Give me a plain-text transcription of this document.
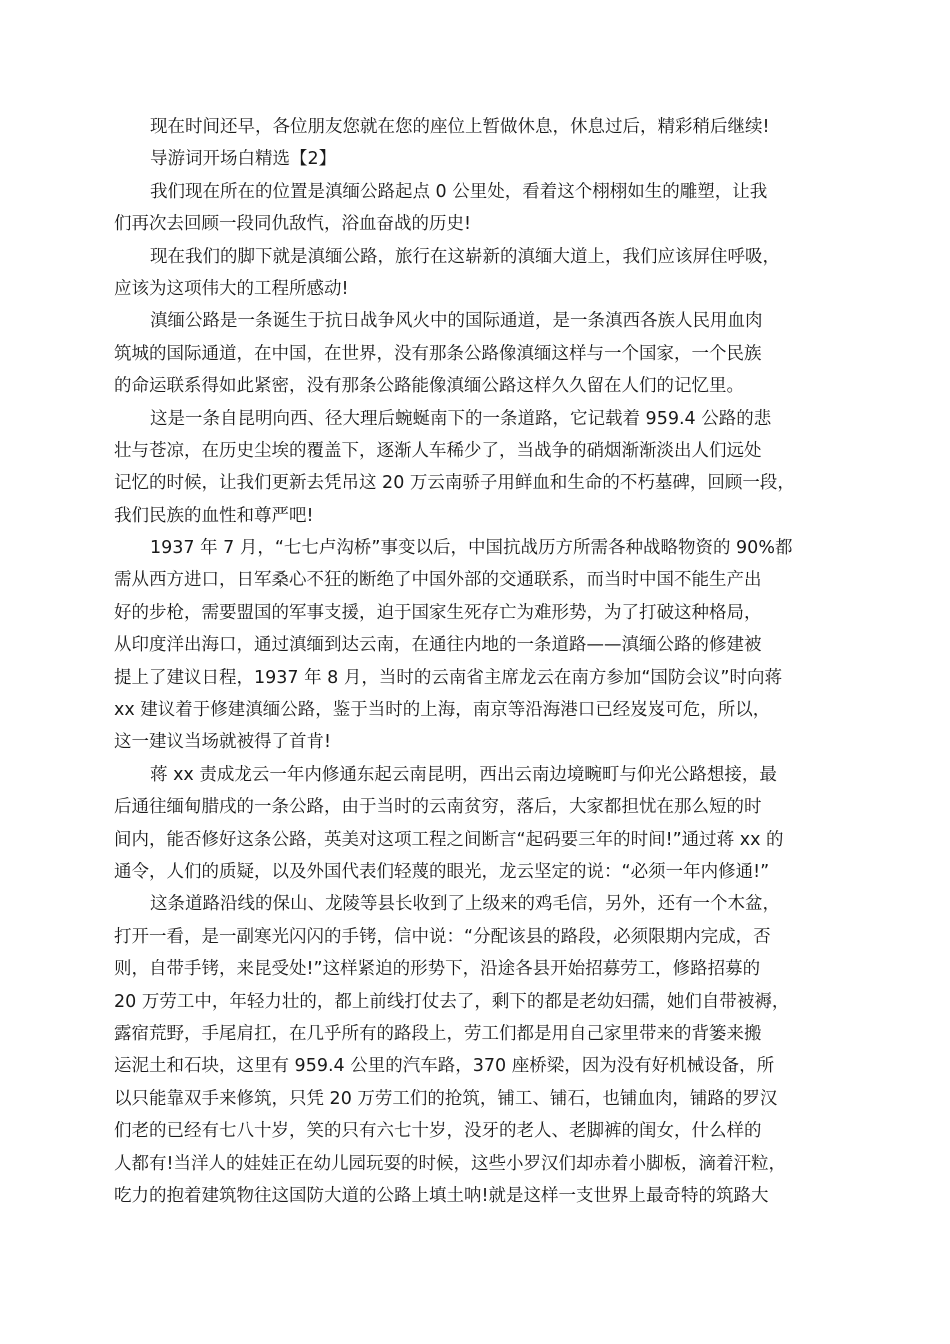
现在时间还早，各位朋友您就在您的座位上暂做休息，休息过后，精彩稍后继续!
导游词开场白精选【2】
我们现在所在的位置是滇缅公路起点 0 公里处，看着这个栩栩如生的雕塑，让我
们再次去回顾一段同仇敌忾，浴血奋战的历史!
现在我们的脚下就是滇缅公路，旅行在这崭新的滇缅大道上，我们应该屏住呼吸，
应该为这项伟大的工程所感动!
滇缅公路是一条诞生于抗日战争风火中的国际通道，是一条滇西各族人民用血肉
筑城的国际通道，在中国，在世界，没有那条公路像滇缅这样与一个国家，一个民族
的命运联系得如此紧密，没有那条公路能像滇缅公路这样久久留在人们的记忆里。
这是一条自昆明向西、径大理后蜿蜒南下的一条道路，它记载着 959.4 公路的悲
壮与苍凉，在历史尘埃的覆盖下，逐渐人车稀少了，当战争的硝烟渐渐淡出人们远处
记忆的时候，让我们更新去凭吊这 20 万云南骄子用鲜血和生命的不朽墓碑，回顾一段，
我们民族的血性和尊严吧!
1937 年 7 月，“七七卢沟桥”事变以后，中国抗战历方所需各种战略物资的 90%都
需从西方进口，日军桑心不狂的断绝了中国外部的交通联系，而当时中国不能生产出
好的步枪，需要盟国的军事支援，迫于国家生死存亡为难形势，为了打破这种格局，
从印度洋出海口，通过滇缅到达云南，在通往内地的一条道路——滇缅公路的修建被
提上了建议日程，1937 年 8 月，当时的云南省主席龙云在南方参加“国防会议”时向蒋
xx 建议着于修建滇缅公路，鉴于当时的上海，南京等沿海港口已经岌岌可危，所以，
这一建议当场就被得了首肯!
蒋 xx 责成龙云一年内修通东起云南昆明，西出云南边境畹町与仰光公路想接，最
后通往缅甸腊戌的一条公路，由于当时的云南贫穷，落后，大家都担忧在那么短的时
间内，能否修好这条公路，英美对这项工程之间断言“起码要三年的时间!”通过蒋 xx 的
通令，人们的质疑，以及外国代表们轻蔑的眼光，龙云坚定的说：“必须一年内修通!”
这条道路沿线的保山、龙陵等县长收到了上级来的鸡毛信，另外，还有一个木盆，
打开一看，是一副寒光闪闪的手铐，信中说：“分配该县的路段，必须限期内完成，否
则，自带手铐，来昆受处!”这样紧迫的形势下，沿途各县开始招募劳工，修路招募的
20 万劳工中，年轻力壮的，都上前线打仗去了，剩下的都是老幼妇孺，她们自带被褥，
露宿荒野，手尾肩扛，在几乎所有的路段上，劳工们都是用自己家里带来的背篓来搬
运泥土和石块，这里有 959.4 公里的汽车路，370 座桥梁，因为没有好机械设备，所
以只能靠双手来修筑，只凭 20 万劳工们的抢筑，铺工、铺石，也铺血肉，铺路的罗汉
们老的已经有七八十岁，笑的只有六七十岁，没牙的老人、老脚裤的闺女，什么样的
人都有!当洋人的娃娃正在幼儿园玩耍的时候，这些小罗汉们却赤着小脚板，滴着汗粒，
吃力的抱着建筑物往这国防大道的公路上填土呐!就是这样一支世界上最奇特的筑路大
